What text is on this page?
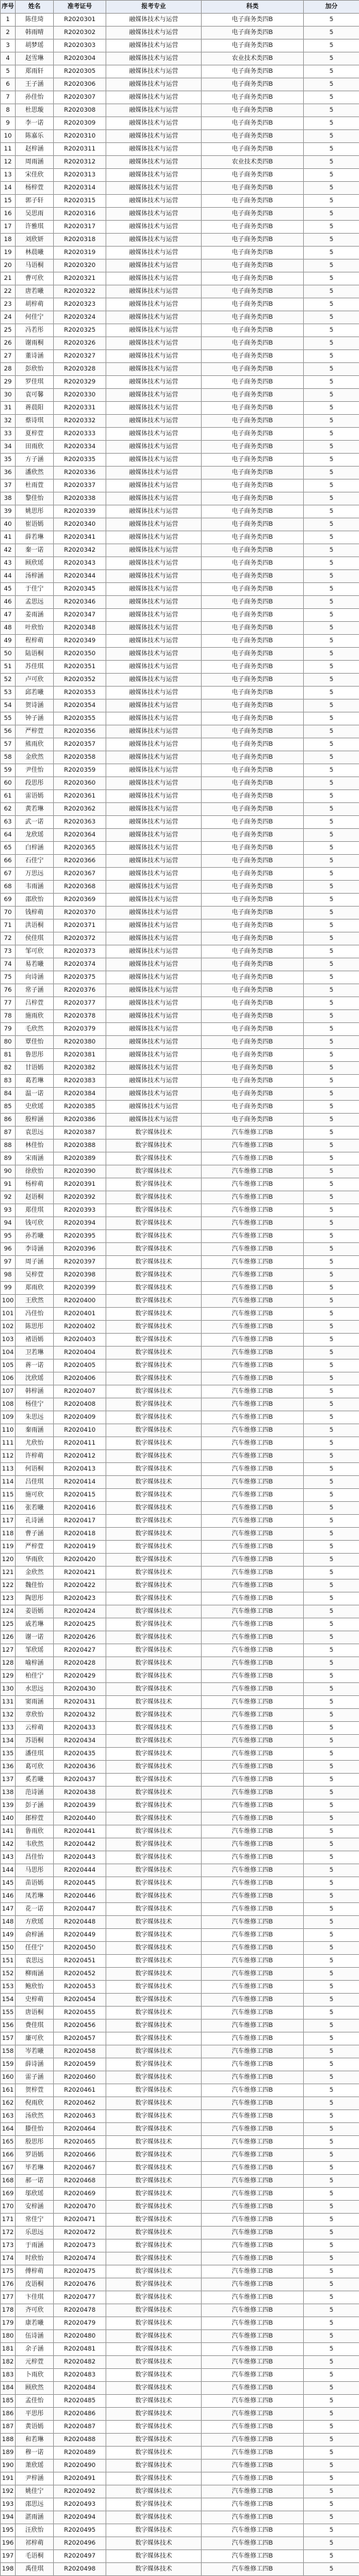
序号	姓名	准考证号	报考专业	科类	加分
1	陈佳琦	R2020301	融媒体技术与运营	电子商务类四B	5
2	韩雨晴	R2020302	融媒体技术与运营	电子商务类四B	5
3	胡梦瑶	R2020303	融媒体技术与运营	电子商务类四B	5
4	赵雪琳	R2020304	融媒体技术与运营	农业技术类四B	5
5	郑雨轩	R2020305	融媒体技术与运营	电子商务类四B	5
6	王子涵	R2020306	融媒体技术与运营	电子商务类四B	5
7	孙佳怡	R2020307	融媒体技术与运营	电子商务类四B	5
8	杜思璇	R2020308	融媒体技术与运营	电子商务类四B	5
9	李一诺	R2020309	融媒体技术与运营	电子商务类四B	5
10	陈嘉乐	R2020310	融媒体技术与运营	电子商务类四B	5
11	赵梓涵	R2020311	融媒体技术与运营	电子商务类四B	5
12	周雨涵	R2020312	融媒体技术与运营	农业技术类四B	5
13	宋佳欣	R2020313	融媒体技术与运营	电子商务类四B	5
14	杨梓萱	R2020314	融媒体技术与运营	电子商务类四B	5
15	郭子轩	R2020315	融媒体技术与运营	电子商务类四B	5
16	吴思雨	R2020316	融媒体技术与运营	电子商务类四B	5
17	许雅琪	R2020317	融媒体技术与运营	电子商务类四B	5
18	刘欣妍	R2020318	融媒体技术与运营	电子商务类四B	5
19	林晨曦	R2020319	融媒体技术与运营	电子商务类四B	5
20	马语桐	R2020320	融媒体技术与运营	电子商务类四B	5
21	曹可欣	R2020321	融媒体技术与运营	电子商务类四B	5
22	唐若曦	R2020322	融媒体技术与运营	电子商务类四B	5
23	胡梓萌	R2020323	融媒体技术与运营	电子商务类四B	5
24	何佳宁	R2020324	融媒体技术与运营	电子商务类四B	5
25	冯若彤	R2020325	融媒体技术与运营	电子商务类四B	5
26	谢雨桐	R2020326	融媒体技术与运营	电子商务类四B	5
27	董诗涵	R2020327	融媒体技术与运营	电子商务类四B	5
28	彭欣怡	R2020328	融媒体技术与运营	电子商务类四B	5
29	罗佳琪	R2020329	融媒体技术与运营	电子商务类四B	5
30	袁可馨	R2020330	融媒体技术与运营	电子商务类四B	5
31	蒋晨阳	R2020331	融媒体技术与运营	电子商务类四B	5
32	蔡诗琪	R2020332	融媒体技术与运营	电子商务类四B	5
33	夏梓萱	R2020333	融媒体技术与运营	电子商务类四B	5
34	田雨欣	R2020334	融媒体技术与运营	电子商务类四B	5
35	方子涵	R2020335	融媒体技术与运营	电子商务类四B	5
36	潘欣然	R2020336	融媒体技术与运营	电子商务类四B	5
37	杜雨萱	R2020337	融媒体技术与运营	电子商务类四B	5
38	黎佳怡	R2020338	融媒体技术与运营	电子商务类四B	5
39	姚思彤	R2020339	融媒体技术与运营	电子商务类四B	5
40	崔语嫣	R2020340	融媒体技术与运营	电子商务类四B	5
41	薛若琳	R2020341	融媒体技术与运营	电子商务类四B	5
42	秦一诺	R2020342	融媒体技术与运营	电子商务类四B	5
43	顾欣瑶	R2020343	融媒体技术与运营	电子商务类四B	5
44	汤梓涵	R2020344	融媒体技术与运营	电子商务类四B	5
45	于佳宁	R2020345	融媒体技术与运营	电子商务类四B	5
46	孟思远	R2020346	融媒体技术与运营	电子商务类四B	5
47	姜雨涵	R2020347	融媒体技术与运营	电子商务类四B	5
48	叶欣怡	R2020348	融媒体技术与运营	电子商务类四B	5
49	程梓萌	R2020349	融媒体技术与运营	电子商务类四B	5
50	陆语桐	R2020350	融媒体技术与运营	电子商务类四B	5
51	苏佳琪	R2020351	融媒体技术与运营	电子商务类四B	5
52	卢可欣	R2020352	融媒体技术与运营	电子商务类四B	5
53	邱若曦	R2020353	融媒体技术与运营	电子商务类四B	5
54	贺诗涵	R2020354	融媒体技术与运营	电子商务类四B	5
55	钟子涵	R2020355	融媒体技术与运营	电子商务类四B	5
56	严梓萱	R2020356	融媒体技术与运营	电子商务类四B	5
57	熊雨欣	R2020357	融媒体技术与运营	电子商务类四B	5
58	金欣然	R2020358	融媒体技术与运营	电子商务类四B	5
59	尹佳怡	R2020359	融媒体技术与运营	电子商务类四B	5
60	段思彤	R2020360	融媒体技术与运营	电子商务类四B	5
61	雷语嫣	R2020361	融媒体技术与运营	电子商务类四B	5
62	黄若琳	R2020362	融媒体技术与运营	电子商务类四B	5
63	武一诺	R2020363	融媒体技术与运营	电子商务类四B	5
64	龙欣瑶	R2020364	融媒体技术与运营	电子商务类四B	5
65	白梓涵	R2020365	融媒体技术与运营	电子商务类四B	5
66	石佳宁	R2020366	融媒体技术与运营	电子商务类四B	5
67	万思远	R2020367	融媒体技术与运营	电子商务类四B	5
68	韦雨涵	R2020368	融媒体技术与运营	电子商务类四B	5
69	邵欣怡	R2020369	融媒体技术与运营	电子商务类四B	5
70	钱梓萌	R2020370	融媒体技术与运营	电子商务类四B	5
71	洪语桐	R2020371	融媒体技术与运营	电子商务类四B	5
72	侯佳琪	R2020372	融媒体技术与运营	电子商务类四B	5
73	邹可欣	R2020373	融媒体技术与运营	电子商务类四B	5
74	易若曦	R2020374	融媒体技术与运营	电子商务类四B	5
75	向诗涵	R2020375	融媒体技术与运营	电子商务类四B	5
76	常子涵	R2020376	融媒体技术与运营	电子商务类四B	5
77	吕梓萱	R2020377	融媒体技术与运营	电子商务类四B	5
78	施雨欣	R2020378	融媒体技术与运营	电子商务类四B	5
79	毛欣然	R2020379	融媒体技术与运营	电子商务类四B	5
80	覃佳怡	R2020380	融媒体技术与运营	电子商务类四B	5
81	鲁思彤	R2020381	融媒体技术与运营	电子商务类四B	5
82	甘语嫣	R2020382	融媒体技术与运营	电子商务类四B	5
83	葛若琳	R2020383	融媒体技术与运营	电子商务类四B	5
84	温一诺	R2020384	融媒体技术与运营	电子商务类四B	5
85	史欣瑶	R2020385	融媒体技术与运营	电子商务类四B	5
86	殷梓涵	R2020386	融媒体技术与运营	电子商务类四B	5
87	袁思远	R2020387	数字媒体技术	汽车维修工四B	5
88	林佳怡	R2020388	数字媒体技术	汽车维修工四B	5
89	宋雨涵	R2020389	数字媒体技术	汽车维修工四B	5
90	徐欣怡	R2020390	数字媒体技术	汽车维修工四B	5
91	杨梓萌	R2020391	数字媒体技术	汽车维修工四B	5
92	赵语桐	R2020392	数字媒体技术	汽车维修工四B	5
93	郑佳琪	R2020393	数字媒体技术	汽车维修工四B	5
94	钱可欣	R2020394	数字媒体技术	汽车维修工四B	5
95	孙若曦	R2020395	数字媒体技术	汽车维修工四B	5
96	李诗涵	R2020396	数字媒体技术	汽车维修工四B	5
97	周子涵	R2020397	数字媒体技术	汽车维修工四B	5
98	吴梓萱	R2020398	数字媒体技术	汽车维修工四B	5
99	郑雨欣	R2020399	数字媒体技术	汽车维修工四B	5
100	王欣然	R2020400	数字媒体技术	汽车维修工四B	5
101	冯佳怡	R2020401	数字媒体技术	汽车维修工四B	5
102	陈思彤	R2020402	数字媒体技术	汽车维修工四B	5
103	褚语嫣	R2020403	数字媒体技术	汽车维修工四B	5
104	卫若琳	R2020404	数字媒体技术	汽车维修工四B	5
105	蒋一诺	R2020405	数字媒体技术	汽车维修工四B	5
106	沈欣瑶	R2020406	数字媒体技术	汽车维修工四B	5
107	韩梓涵	R2020407	数字媒体技术	汽车维修工四B	5
108	杨佳宁	R2020408	数字媒体技术	汽车维修工四B	5
109	朱思远	R2020409	数字媒体技术	汽车维修工四B	5
110	秦雨涵	R2020410	数字媒体技术	汽车维修工四B	5
111	尤欣怡	R2020411	数字媒体技术	汽车维修工四B	5
112	许梓萌	R2020412	数字媒体技术	汽车维修工四B	5
113	何语桐	R2020413	数字媒体技术	汽车维修工四B	5
114	吕佳琪	R2020414	数字媒体技术	汽车维修工四B	5
115	施可欣	R2020415	数字媒体技术	汽车维修工四B	5
116	张若曦	R2020416	数字媒体技术	汽车维修工四B	5
117	孔诗涵	R2020417	数字媒体技术	汽车维修工四B	5
118	曹子涵	R2020418	数字媒体技术	汽车维修工四B	5
119	严梓萱	R2020419	数字媒体技术	汽车维修工四B	5
120	华雨欣	R2020420	数字媒体技术	汽车维修工四B	5
121	金欣然	R2020421	数字媒体技术	汽车维修工四B	5
122	魏佳怡	R2020422	数字媒体技术	汽车维修工四B	5
123	陶思彤	R2020423	数字媒体技术	汽车维修工四B	5
124	姜语嫣	R2020424	数字媒体技术	汽车维修工四B	5
125	戚若琳	R2020425	数字媒体技术	汽车维修工四B	5
126	谢一诺	R2020426	数字媒体技术	汽车维修工四B	5
127	邹欣瑶	R2020427	数字媒体技术	汽车维修工四B	5
128	喻梓涵	R2020428	数字媒体技术	汽车维修工四B	5
129	柏佳宁	R2020429	数字媒体技术	汽车维修工四B	5
130	水思远	R2020430	数字媒体技术	汽车维修工四B	5
131	窦雨涵	R2020431	数字媒体技术	汽车维修工四B	5
132	章欣怡	R2020432	数字媒体技术	汽车维修工四B	5
133	云梓萌	R2020433	数字媒体技术	汽车维修工四B	5
134	苏语桐	R2020434	数字媒体技术	汽车维修工四B	5
135	潘佳琪	R2020435	数字媒体技术	汽车维修工四B	5
136	葛可欣	R2020436	数字媒体技术	汽车维修工四B	5
137	奚若曦	R2020437	数字媒体技术	汽车维修工四B	5
138	范诗涵	R2020438	数字媒体技术	汽车维修工四B	5
139	彭子涵	R2020439	数字媒体技术	汽车维修工四B	5
140	郎梓萱	R2020440	数字媒体技术	汽车维修工四B	5
141	鲁雨欣	R2020441	数字媒体技术	汽车维修工四B	5
142	韦欣然	R2020442	数字媒体技术	汽车维修工四B	5
143	昌佳怡	R2020443	数字媒体技术	汽车维修工四B	5
144	马思彤	R2020444	数字媒体技术	汽车维修工四B	5
145	苗语嫣	R2020445	数字媒体技术	汽车维修工四B	5
146	凤若琳	R2020446	数字媒体技术	汽车维修工四B	5
147	花一诺	R2020447	数字媒体技术	汽车维修工四B	5
148	方欣瑶	R2020448	数字媒体技术	汽车维修工四B	5
149	俞梓涵	R2020449	数字媒体技术	汽车维修工四B	5
150	任佳宁	R2020450	数字媒体技术	汽车维修工四B	5
151	袁思远	R2020451	数字媒体技术	汽车维修工四B	5
152	柳雨涵	R2020452	数字媒体技术	汽车维修工四B	5
153	鲍欣怡	R2020453	数字媒体技术	汽车维修工四B	5
154	史梓萌	R2020454	数字媒体技术	汽车维修工四B	5
155	唐语桐	R2020455	数字媒体技术	汽车维修工四B	5
156	费佳琪	R2020456	数字媒体技术	汽车维修工四B	5
157	廉可欣	R2020457	数字媒体技术	汽车维修工四B	5
158	岑若曦	R2020458	数字媒体技术	汽车维修工四B	5
159	薛诗涵	R2020459	数字媒体技术	汽车维修工四B	5
160	雷子涵	R2020460	数字媒体技术	汽车维修工四B	5
161	贺梓萱	R2020461	数字媒体技术	汽车维修工四B	5
162	倪雨欣	R2020462	数字媒体技术	汽车维修工四B	5
163	汤欣然	R2020463	数字媒体技术	汽车维修工四B	5
164	滕佳怡	R2020464	数字媒体技术	汽车维修工四B	5
165	殷思彤	R2020465	数字媒体技术	汽车维修工四B	5
166	罗语嫣	R2020466	数字媒体技术	汽车维修工四B	5
167	毕若琳	R2020467	数字媒体技术	汽车维修工四B	5
168	郝一诺	R2020468	数字媒体技术	汽车维修工四B	5
169	邬欣瑶	R2020469	数字媒体技术	汽车维修工四B	5
170	安梓涵	R2020470	数字媒体技术	汽车维修工四B	5
171	常佳宁	R2020471	数字媒体技术	汽车维修工四B	5
172	乐思远	R2020472	数字媒体技术	汽车维修工四B	5
173	于雨涵	R2020473	数字媒体技术	汽车维修工四B	5
174	时欣怡	R2020474	数字媒体技术	汽车维修工四B	5
175	傅梓萌	R2020475	数字媒体技术	汽车维修工四B	5
176	皮语桐	R2020476	数字媒体技术	汽车维修工四B	5
177	卞佳琪	R2020477	数字媒体技术	汽车维修工四B	5
178	齐可欣	R2020478	数字媒体技术	汽车维修工四B	5
179	康若曦	R2020479	数字媒体技术	汽车维修工四B	5
180	伍诗涵	R2020480	数字媒体技术	汽车维修工四B	5
181	余子涵	R2020481	数字媒体技术	汽车维修工四B	5
182	元梓萱	R2020482	数字媒体技术	汽车维修工四B	5
183	卜雨欣	R2020483	数字媒体技术	汽车维修工四B	5
184	顾欣然	R2020484	数字媒体技术	汽车维修工四B	5
185	孟佳怡	R2020485	数字媒体技术	汽车维修工四B	5
186	平思彤	R2020486	数字媒体技术	汽车维修工四B	5
187	黄语嫣	R2020487	数字媒体技术	汽车维修工四B	5
188	和若琳	R2020488	数字媒体技术	汽车维修工四B	5
189	穆一诺	R2020489	数字媒体技术	汽车维修工四B	5
190	萧欣瑶	R2020490	数字媒体技术	汽车维修工四B	5
191	尹梓涵	R2020491	数字媒体技术	汽车维修工四B	5
192	姚佳宁	R2020492	数字媒体技术	汽车维修工四B	5
193	邵思远	R2020493	数字媒体技术	汽车维修工四B	5
194	湛雨涵	R2020494	数字媒体技术	汽车维修工四B	5
195	汪欣怡	R2020495	数字媒体技术	汽车维修工四B	5
196	祁梓萌	R2020496	数字媒体技术	汽车维修工四B	5
197	毛语桐	R2020497	数字媒体技术	汽车维修工四B	5
198	禹佳琪	R2020498	数字媒体技术	汽车维修工四B	5
